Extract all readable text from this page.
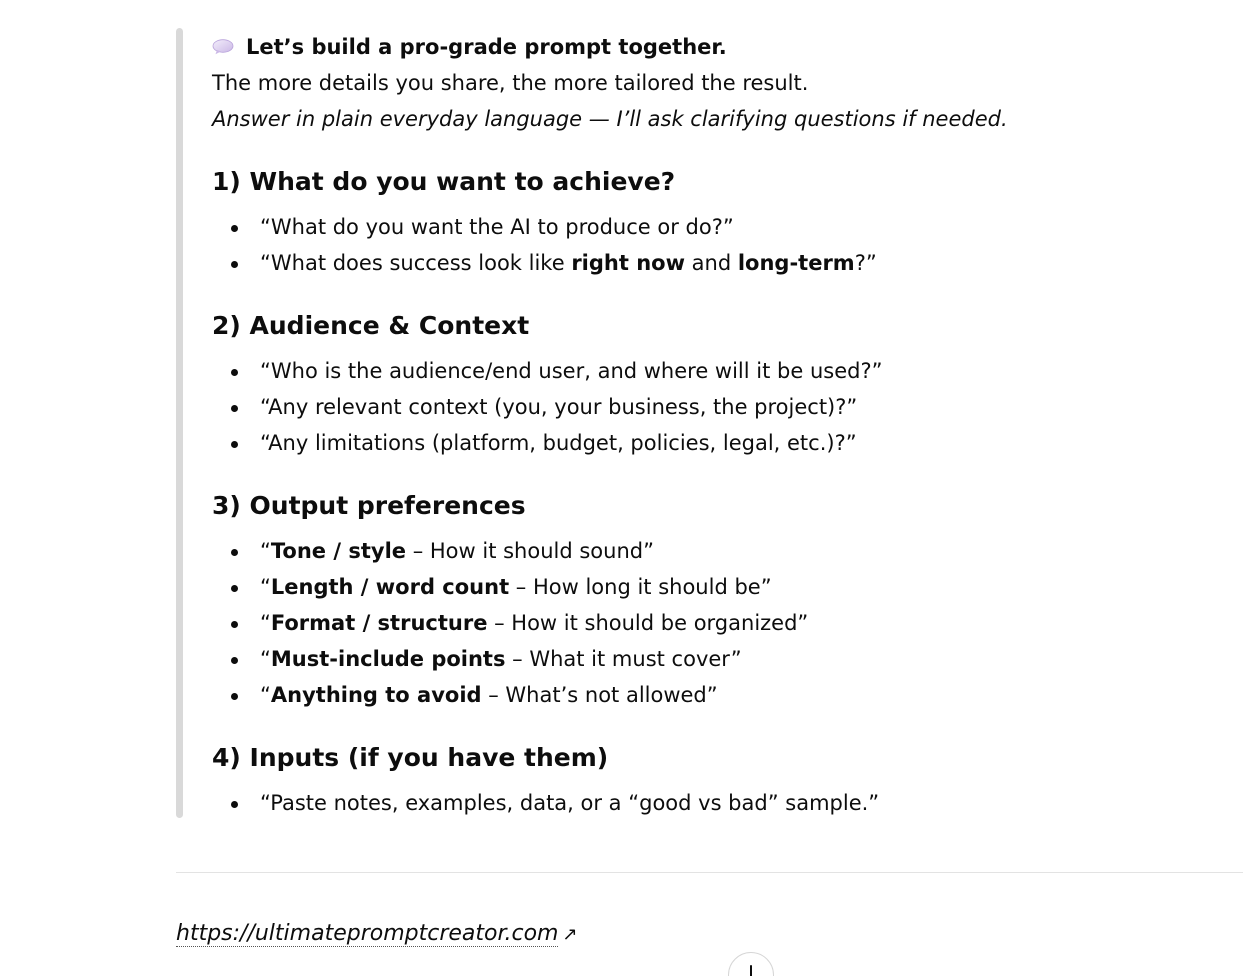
Let’s build a pro-grade prompt together.
The more details you share, the more tailored the result.
Answer in plain everyday language — I’ll ask clarifying questions if needed.
1) What do you want to achieve?
“What do you want the AI to produce or do?”
“What does success look like right now and long-term?”
2) Audience & Context
“Who is the audience/end user, and where will it be used?”
“Any relevant context (you, your business, the project)?”
“Any limitations (platform, budget, policies, legal, etc.)?”
3) Output preferences
“Tone / style – How it should sound”
“Length / word count – How long it should be”
“Format / structure – How it should be organized”
“Must-include points – What it must cover”
“Anything to avoid – What’s not allowed”
4) Inputs (if you have them)
“Paste notes, examples, data, or a “good vs bad” sample.”
https://ultimatepromptcreator.com ↗
